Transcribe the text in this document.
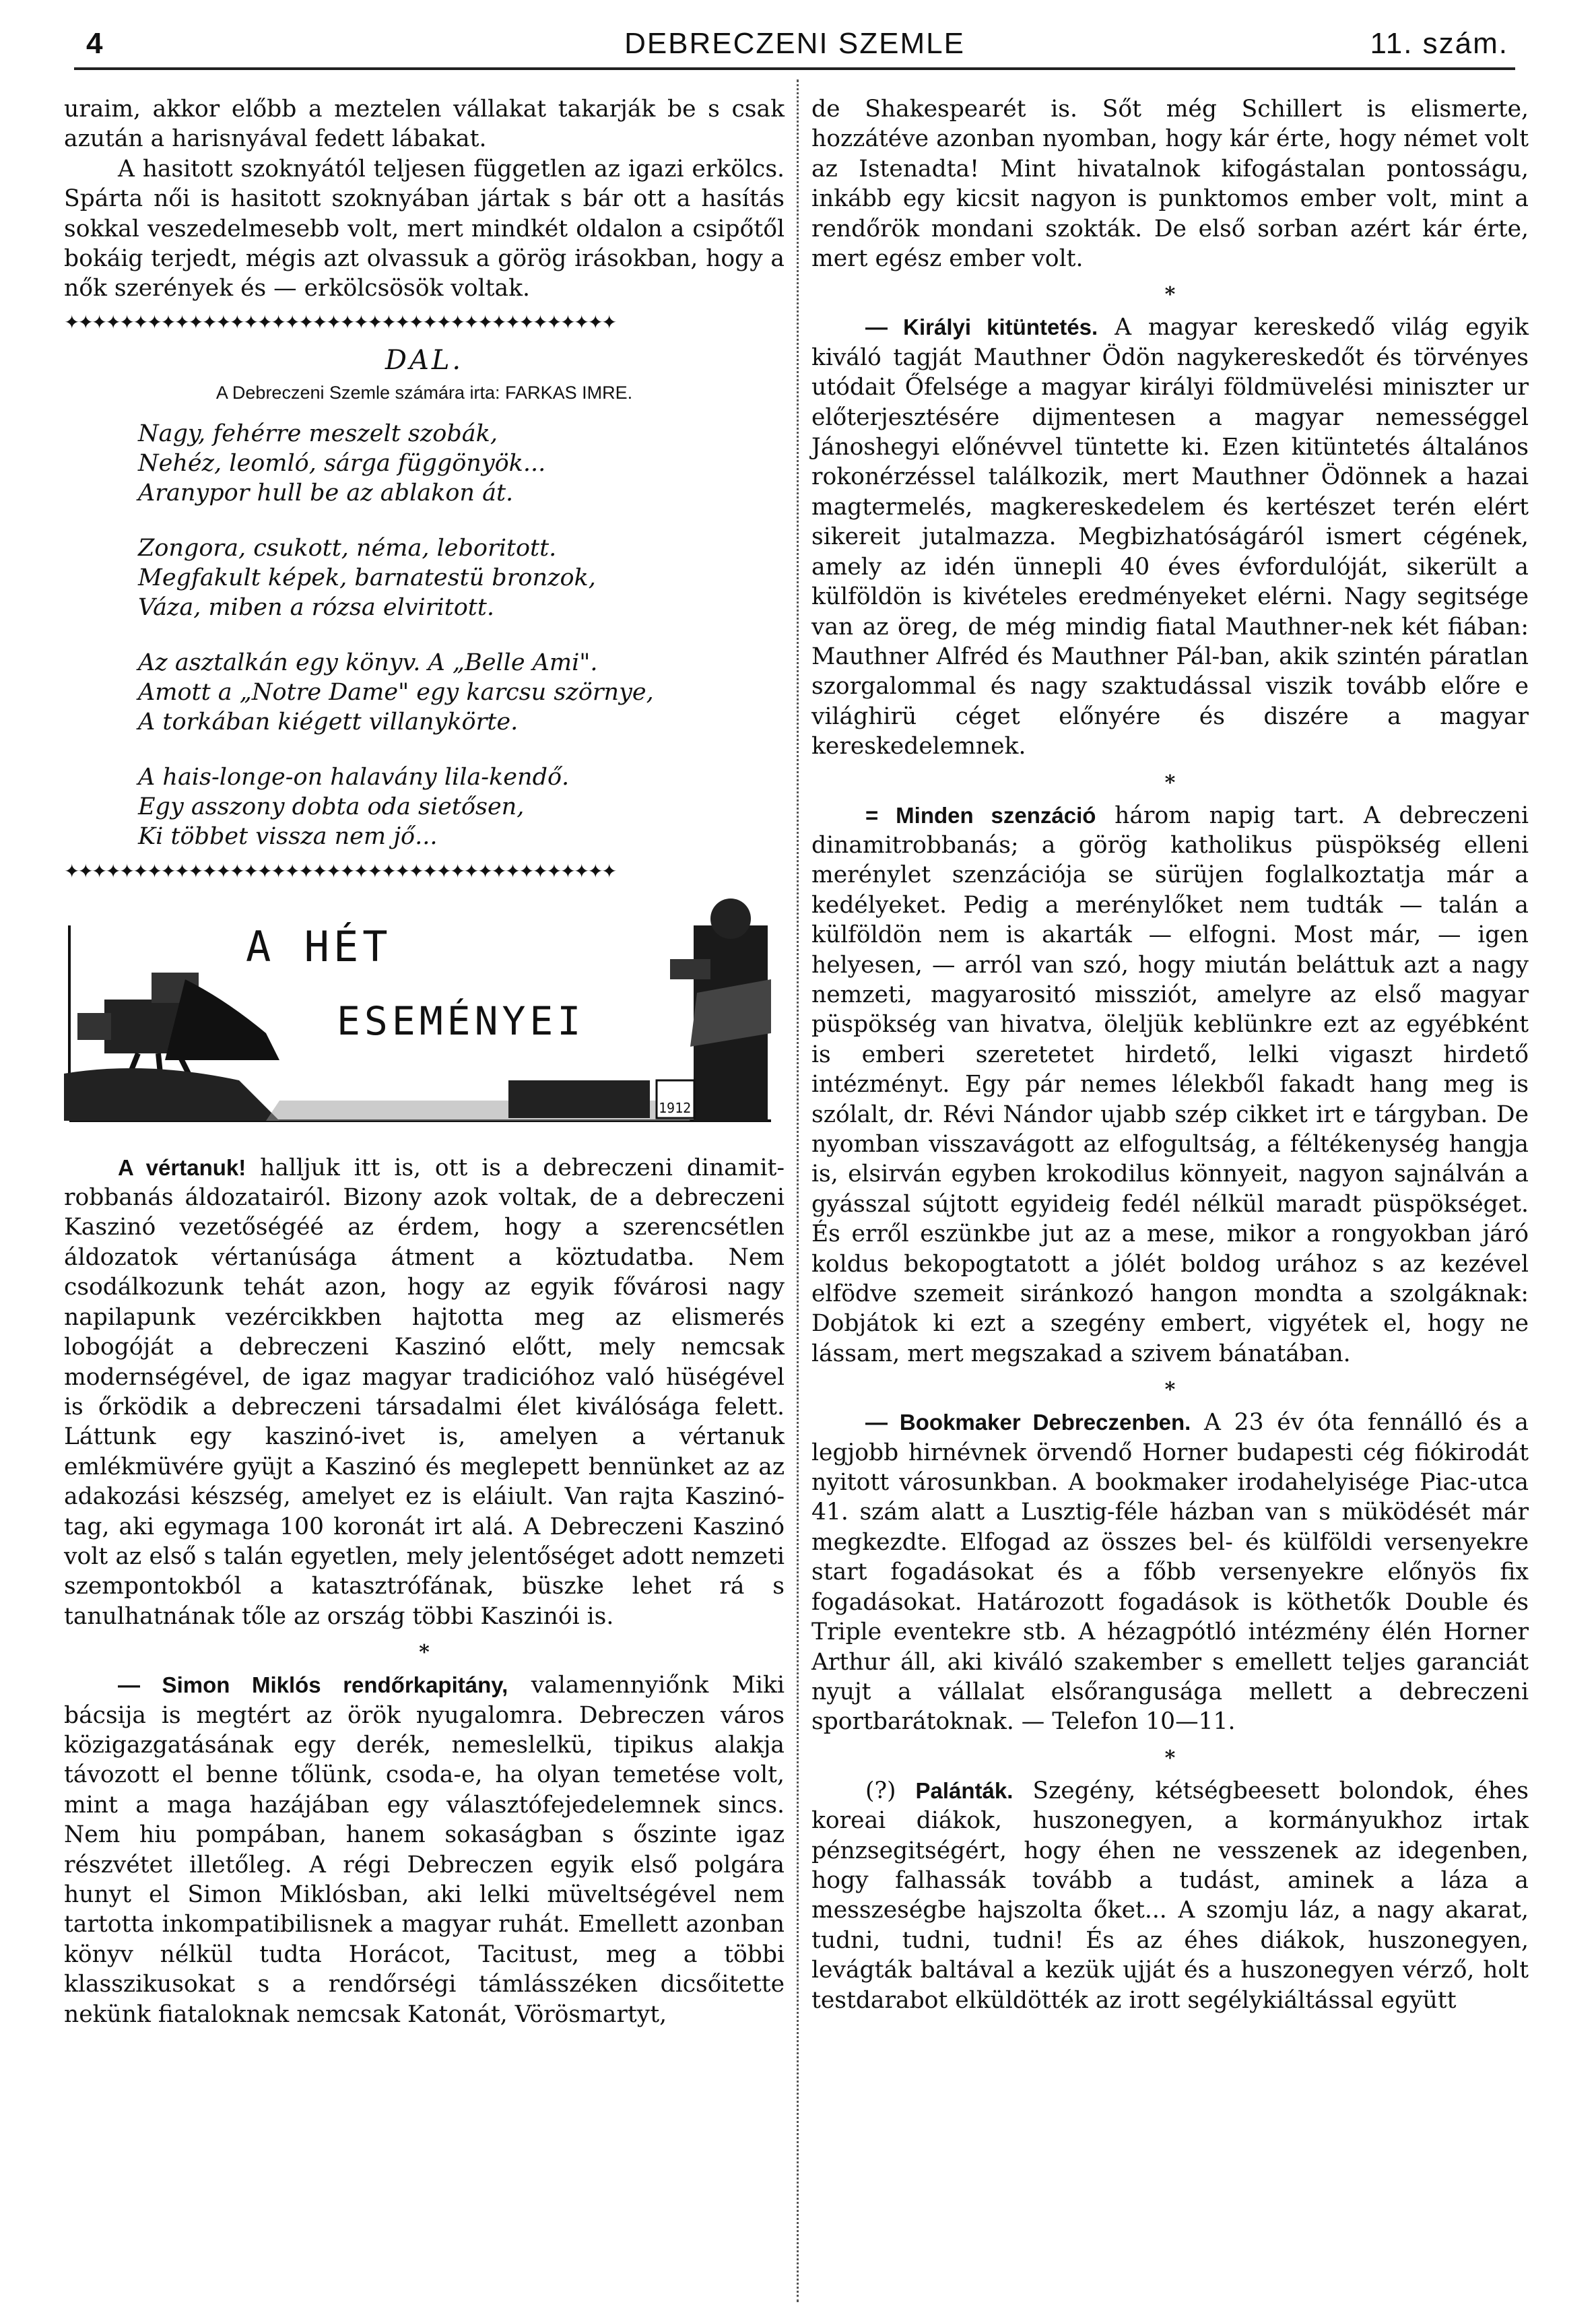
4	DEBRECZENI SZEMLE	11. szám.

uraim, akkor előbb a meztelen vállakat takarják be s csak azután a harisnyával fedett lábakat.

A hasitott szoknyától teljesen független az igazi erkölcs. Spárta női is hasitott szoknyában jártak s bár ott a hasítás sokkal veszedelmesebb volt, mert mindkét oldalon a csipőtől bokáig terjedt, mégis azt olvassuk a görög irásokban, hogy a nők szerények és — erkölcsösök voltak.

✦✦✦✦✦✦✦✦✦✦✦✦✦✦✦✦✦✦✦✦✦✦✦✦✦✦✦✦✦✦✦✦✦✦✦✦✦✦✦✦
DAL.
A Debreczeni Szemle számára irta: FARKAS IMRE.
Nagy, fehérre meszelt szobák,
Nehéz, leomló, sárga függönyök...
Aranypor hull be az ablakon át.
Zongora, csukott, néma, leboritott.
Megfakult képek, barnatestü bronzok,
Váza, miben a rózsa elviritott.
Az asztalkán egy könyv. A „Belle Ami".
Amott a „Notre Dame" egy karcsu szörnye,
A torkában kiégett villanykörte.
A hais-longe-on halavány lila-kendő.
Egy asszony dobta oda sietősen,
Ki többet vissza nem jő...
✦✦✦✦✦✦✦✦✦✦✦✦✦✦✦✦✦✦✦✦✦✦✦✦✦✦✦✦✦✦✦✦✦✦✦✦✦✦✦✦
1912.
A HÉT
ESEMÉNYEI

A vértanuk! halljuk itt is, ott is a debreczeni dinamit-robbanás áldozatairól. Bizony azok voltak, de a debreczeni Kaszinó vezetőségéé az érdem, hogy a szerencsétlen áldozatok vértanúsága átment a köztudatba. Nem csodálkozunk tehát azon, hogy az egyik fővárosi nagy napilapunk vezércikkben hajtotta meg az elismerés lobogóját a debreczeni Kaszinó előtt, mely nemcsak modernségével, de igaz magyar tradicióhoz való hüségével is őrködik a debreczeni társadalmi élet kiválósága felett. Láttunk egy kaszinó-ivet is, amelyen a vértanuk emlékmüvére gyüjt a Kaszinó és meglepett bennünket az az adakozási készség, amelyet ez is eláiult. Van rajta Kaszinó-tag, aki egymaga 100 koronát irt alá. A Debreczeni Kaszinó volt az első s talán egyetlen, mely jelentőséget adott nemzeti szempontokból a katasztrófának, büszke lehet rá s tanulhatnának tőle az ország többi Kaszinói is.

*

— Simon Miklós rendőrkapitány, valamennyiőnk Miki bácsija is megtért az örök nyugalomra. Debreczen város közigazgatásának egy derék, nemeslelkü, tipikus alakja távozott el benne tőlünk, csoda-e, ha olyan temetése volt, mint a maga hazájában egy választófejedelemnek sincs. Nem hiu pompában, hanem sokaságban s őszinte igaz részvétet illetőleg. A régi Debreczen egyik első polgára hunyt el Simon Miklósban, aki lelki müveltségével nem tartotta inkompatibilisnek a magyar ruhát. Emellett azonban könyv nélkül tudta Horácot, Tacitust, meg a többi klasszikusokat s a rendőrségi támlásszéken dicsőitette nekünk fiataloknak nemcsak Katonát, Vörösmartyt,

de Shakespearét is. Sőt még Schillert is elismerte, hozzátéve azonban nyomban, hogy kár érte, hogy német volt az Istenadta! Mint hivatalnok kifogástalan pontosságu, inkább egy kicsit nagyon is punktomos ember volt, mint a rendőrök mondani szokták. De első sorban azért kár érte, mert egész ember volt.

*

— Királyi kitüntetés. A magyar kereskedő világ egyik kiváló tagját Mauthner Ödön nagykereskedőt és törvényes utódait Őfelsége a magyar királyi földmüvelési miniszter ur előterjesztésére dijmentesen a magyar nemességgel Jánoshegyi előnévvel tüntette ki. Ezen kitüntetés általános rokonérzéssel találkozik, mert Mauthner Ödönnek a hazai magtermelés, magkereskedelem és kertészet terén elért sikereit jutalmazza. Megbizhatóságáról ismert cégének, amely az idén ünnepli 40 éves évfordulóját, sikerült a külföldön is kivételes eredményeket elérni. Nagy segitsége van az öreg, de még mindig fiatal Mauthner-nek két fiában: Mauthner Alfréd és Mauthner Pál-ban, akik szintén páratlan szorgalommal és nagy szaktudással viszik tovább előre e világhirü céget előnyére és diszére a magyar kereskedelemnek.

*

= Minden szenzáció három napig tart. A debreczeni dinamitrobbanás; a görög katholikus püspökség elleni merénylet szenzációja se sürüjen foglalkoztatja már a kedélyeket. Pedig a merénylőket nem tudták — talán a külföldön nem is akarták — elfogni. Most már, — igen helyesen, — arról van szó, hogy miután beláttuk azt a nagy nemzeti, magyarositó missziót, amelyre az első magyar püspökség van hivatva, öleljük keblünkre ezt az egyébként is emberi szeretetet hirdető, lelki vigaszt hirdető intézményt. Egy pár nemes lélekből fakadt hang meg is szólalt, dr. Révi Nándor ujabb szép cikket irt e tárgyban. De nyomban visszavágott az elfogultság, a féltékenység hangja is, elsirván egyben krokodilus könnyeit, nagyon sajnálván a gyásszal sújtott egyideig fedél nélkül maradt püspökséget. És erről eszünkbe jut az a mese, mikor a rongyokban járó koldus bekopogtatott a jólét boldog urához s az kezével elfödve szemeit siránkozó hangon mondta a szolgáknak: Dobjátok ki ezt a szegény embert, vigyétek el, hogy ne lássam, mert megszakad a szivem bánatában.

*

— Bookmaker Debreczenben. A 23 év óta fennálló és a legjobb hirnévnek örvendő Horner budapesti cég fiókirodát nyitott városunkban. A bookmaker irodahelyisége Piac-utca 41. szám alatt a Lusztig-féle házban van s müködését már megkezdte. Elfogad az összes bel- és külföldi versenyekre start fogadásokat és a főbb versenyekre előnyös fix fogadásokat. Határozott fogadások is köthetők Double és Triple eventekre stb. A hézagpótló intézmény élén Horner Arthur áll, aki kiváló szakember s emellett teljes garanciát nyujt a vállalat elsőrangusága mellett a debreczeni sportbarátoknak. — Telefon 10—11.

*

(?) Palánták. Szegény, kétségbeesett bolondok, éhes koreai diákok, huszonegyen, a kormányukhoz irtak pénzsegitségért, hogy éhen ne vesszenek az idegenben, hogy falhassák tovább a tudást, aminek a láza a messzeségbe hajszolta őket... A szomju láz, a nagy akarat, tudni, tudni, tudni! És az éhes diákok, huszonegyen, levágták baltával a kezük ujját és a huszonegyen vérző, holt testdarabot elküldötték az irott segélykiáltással együtt
